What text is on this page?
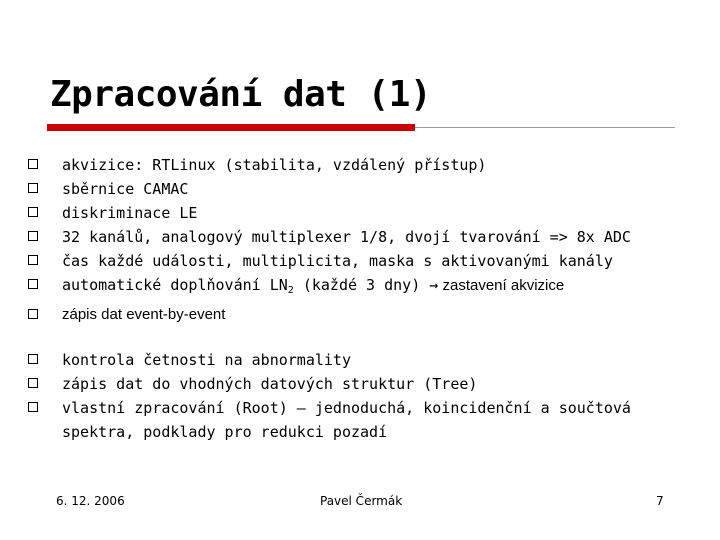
Zpracování dat (1)
akvizice: RTLinux (stabilita, vzdálený přístup)
sběrnice CAMAC
diskriminace LE
32 kanálů, analogový multiplexer 1/8, dvojí tvarování => 8x ADC
čas každé události, multiplicita, maska s aktivovanými kanály
automatické doplňování $LN_2$ (každé 3 dny) → zastavení akvizice
zápis dat event-by-event
kontrola četnosti na abnormality
zápis dat do vhodných datových struktur (Tree)
vlastní zpracování (Root) – jednoduchá, koincidenční a součtová spektra, podklady pro redukci pozadí
6. 12. 2006	Pavel Čermák	7
